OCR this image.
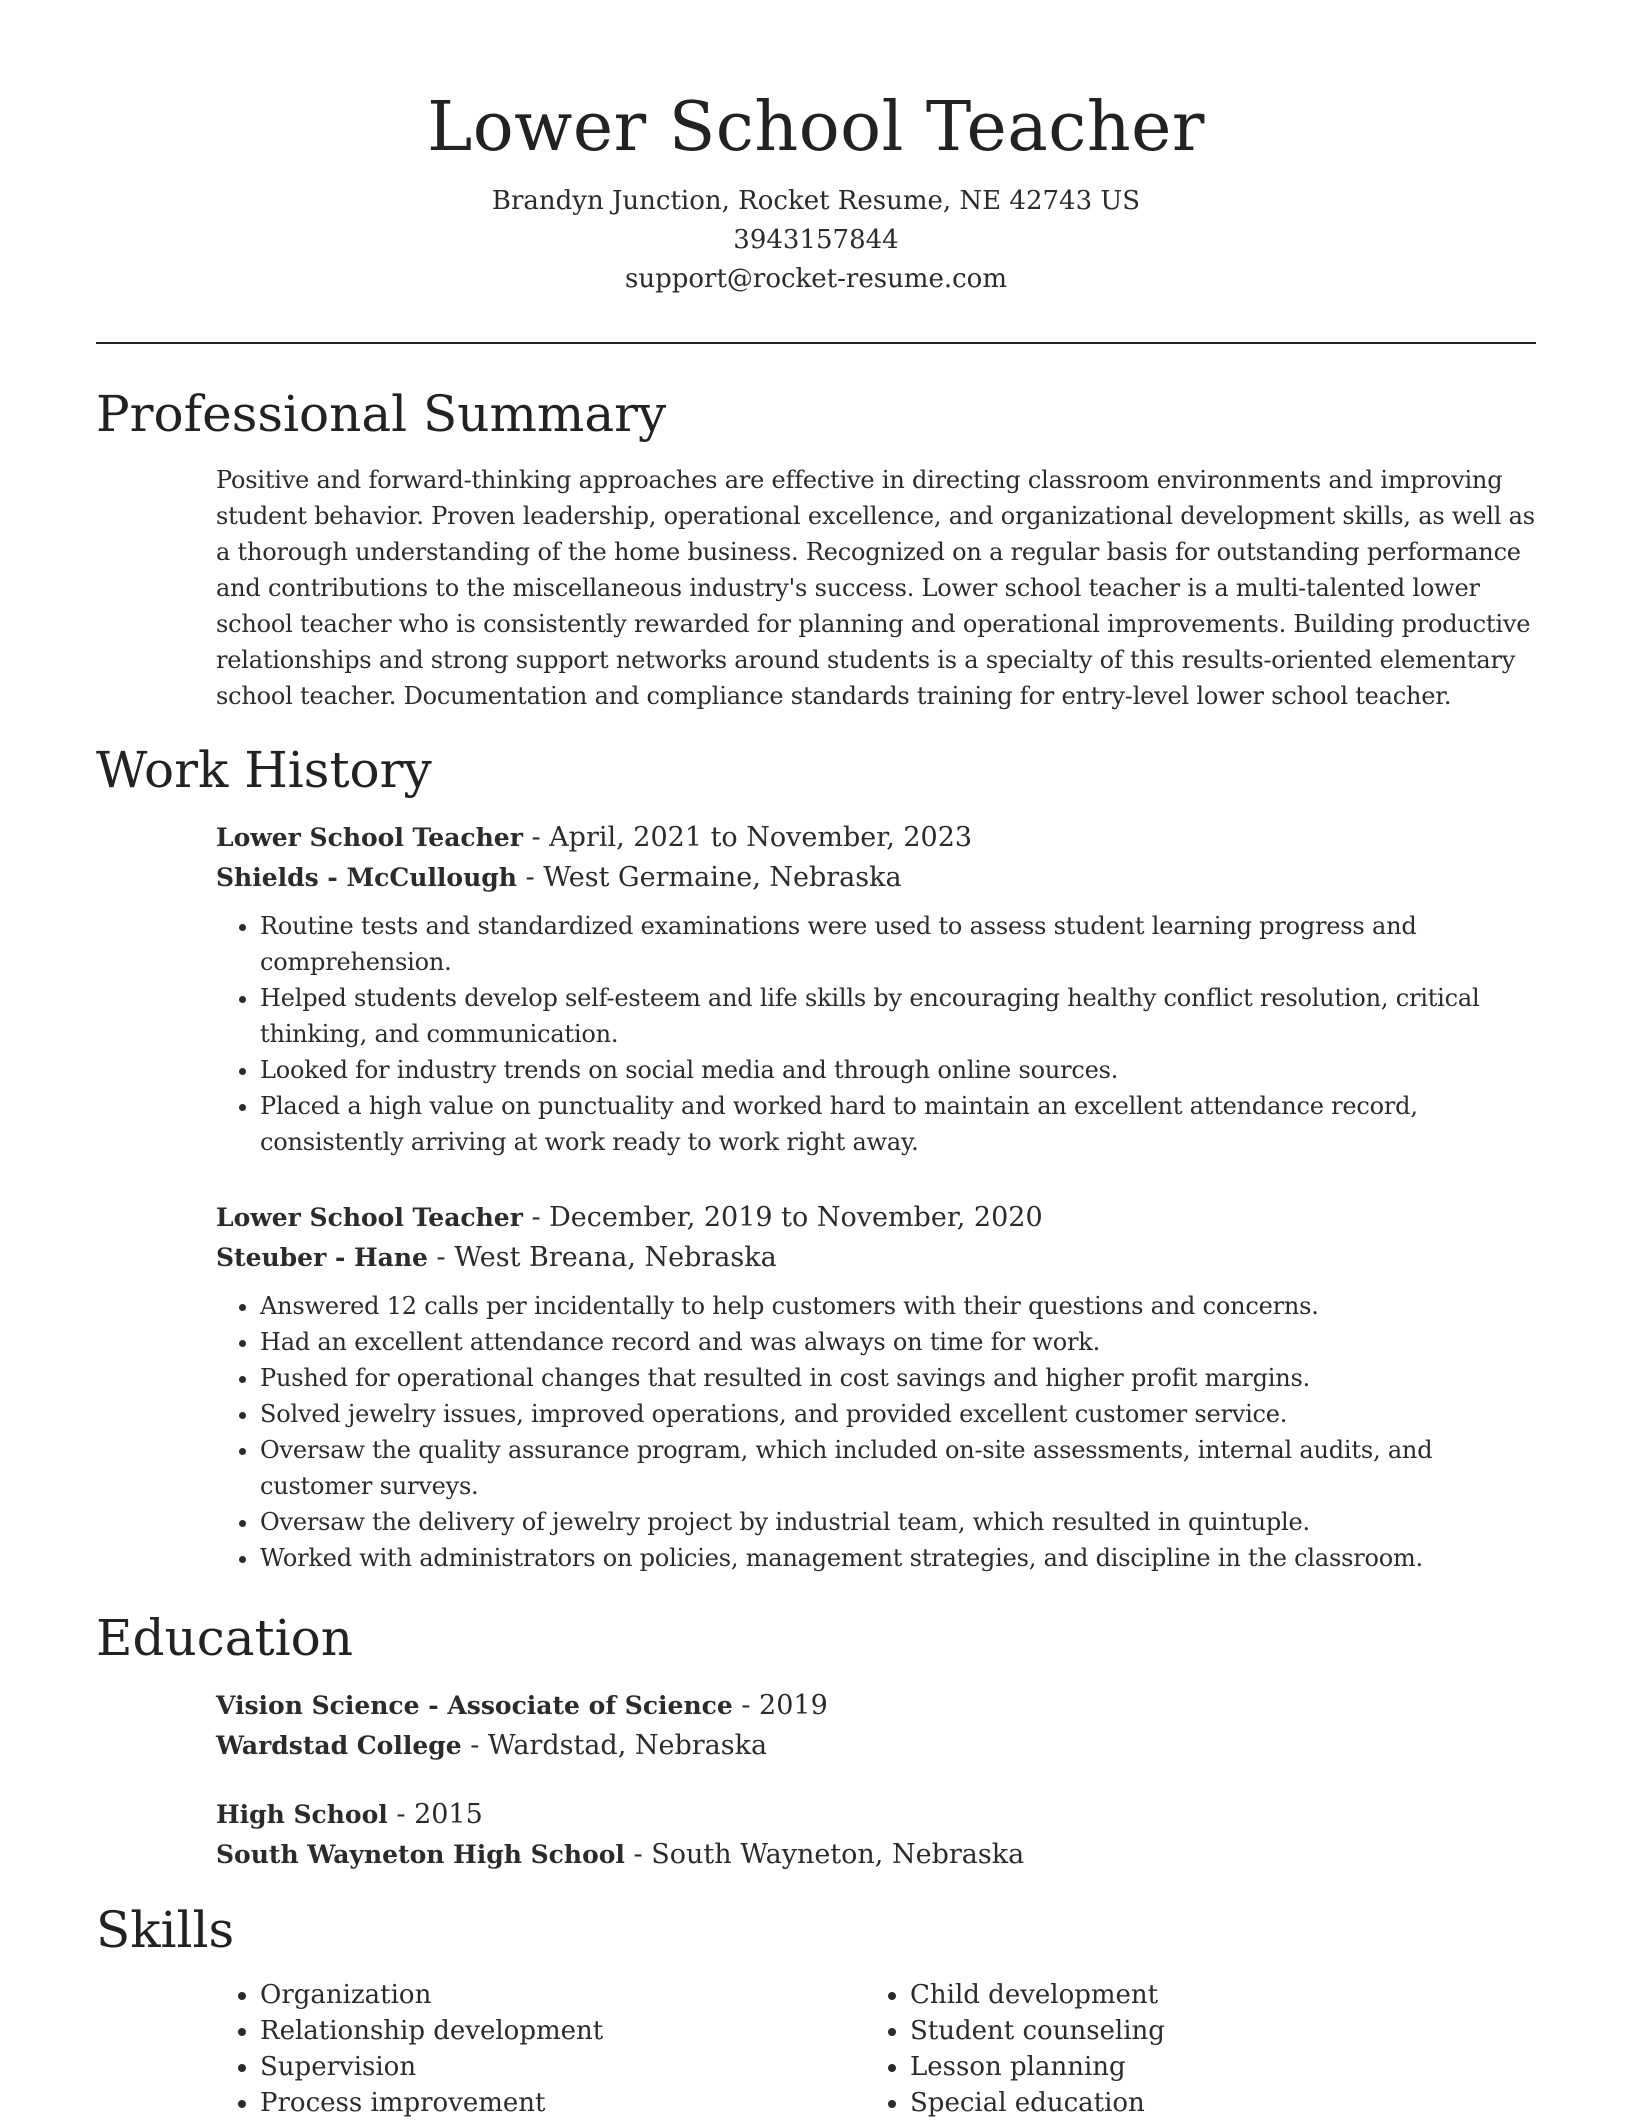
Lower School Teacher
Brandyn Junction, Rocket Resume, NE 42743 US
3943157844
support@rocket-resume.com
Professional Summary
Positive and forward-thinking approaches are effective in directing classroom environments and improving student behavior. Proven leadership, operational excellence, and organizational development skills, as well as a thorough understanding of the home business. Recognized on a regular basis for outstanding performance and contributions to the miscellaneous industry's success. Lower school teacher is a multi-talented lower school teacher who is consistently rewarded for planning and operational improvements. Building productive relationships and strong support networks around students is a specialty of this results-oriented elementary school teacher. Documentation and compliance standards training for entry-level lower school teacher.
Work History
Lower School Teacher - April, 2021 to November, 2023
Shields - McCullough - West Germaine, Nebraska
• Routine tests and standardized examinations were used to assess student learning progress and comprehension.
• Helped students develop self-esteem and life skills by encouraging healthy conflict resolution, critical thinking, and communication.
• Looked for industry trends on social media and through online sources.
• Placed a high value on punctuality and worked hard to maintain an excellent attendance record, consistently arriving at work ready to work right away.
Lower School Teacher - December, 2019 to November, 2020
Steuber - Hane - West Breana, Nebraska
• Answered 12 calls per incidentally to help customers with their questions and concerns.
• Had an excellent attendance record and was always on time for work.
• Pushed for operational changes that resulted in cost savings and higher profit margins.
• Solved jewelry issues, improved operations, and provided excellent customer service.
• Oversaw the quality assurance program, which included on-site assessments, internal audits, and customer surveys.
• Oversaw the delivery of jewelry project by industrial team, which resulted in quintuple.
• Worked with administrators on policies, management strategies, and discipline in the classroom.
Education
Vision Science - Associate of Science - 2019
Wardstad College - Wardstad, Nebraska
High School - 2015
South Wayneton High School - South Wayneton, Nebraska
Skills
• Organization
• Relationship development
• Supervision
• Process improvement
• Child development
• Student counseling
• Lesson planning
• Special education
